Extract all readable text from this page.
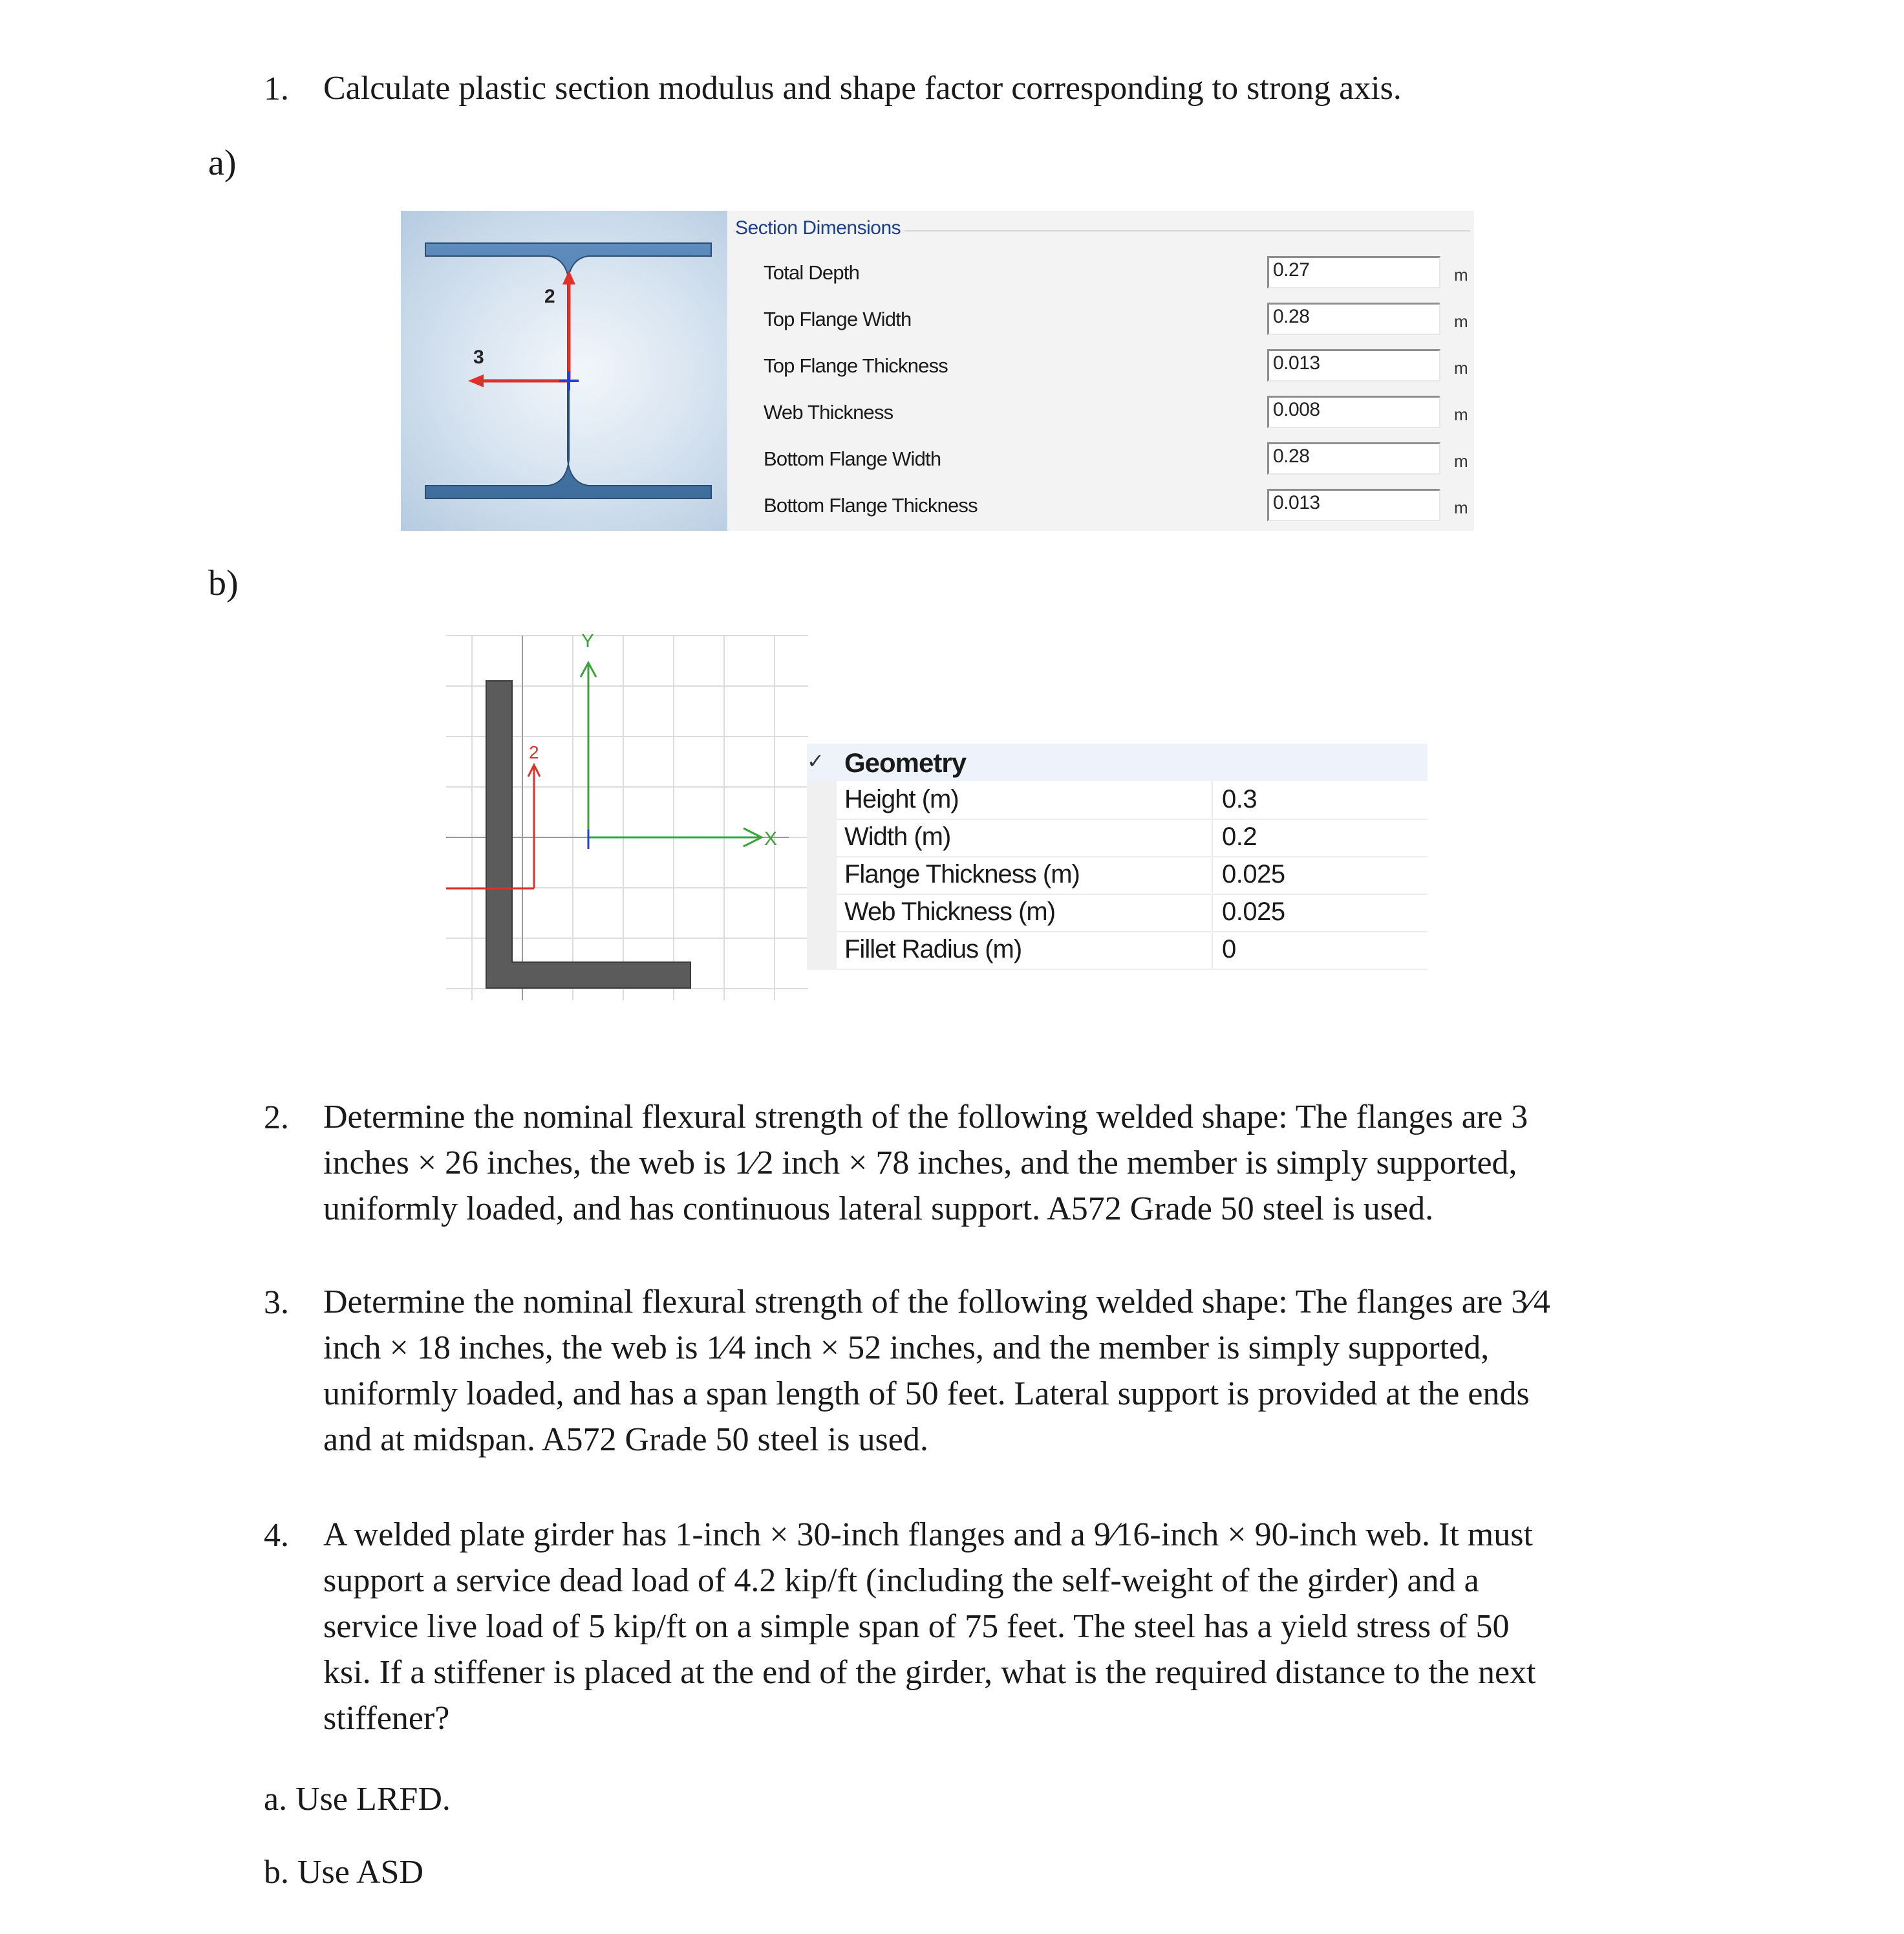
1. Calculate plastic section modulus and shape factor corresponding to strong axis.
a)
2
3
Section Dimensions
Total Depth	0.27	m
Top Flange Width	0.28	m
Top Flange Thickness	0.013	m
Web Thickness	0.008	m
Bottom Flange Width	0.28	m
Bottom Flange Thickness	0.013	m
b)
Y
X
2	✓ Geometry
Height (m)	0.3
Width (m)	0.2
Flange Thickness (m)	0.025
Web Thickness (m)	0.025
Fillet Radius (m)	0
2. Determine the nominal flexural strength of the following welded shape: The flanges are 3
inches × 26 inches, the web is 1⁄2 inch × 78 inches, and the member is simply supported,
uniformly loaded, and has continuous lateral support. A572 Grade 50 steel is used.
3. Determine the nominal flexural strength of the following welded shape: The flanges are 3⁄4
inch × 18 inches, the web is 1⁄4 inch × 52 inches, and the member is simply supported,
uniformly loaded, and has a span length of 50 feet. Lateral support is provided at the ends
and at midspan. A572 Grade 50 steel is used.
4. A welded plate girder has 1-inch × 30-inch flanges and a 9⁄16-inch × 90-inch web. It must
support a service dead load of 4.2 kip/ft (including the self-weight of the girder) and a
service live load of 5 kip/ft on a simple span of 75 feet. The steel has a yield stress of 50
ksi. If a stiffener is placed at the end of the girder, what is the required distance to the next
stiffener?
a. Use LRFD.
b. Use ASD
